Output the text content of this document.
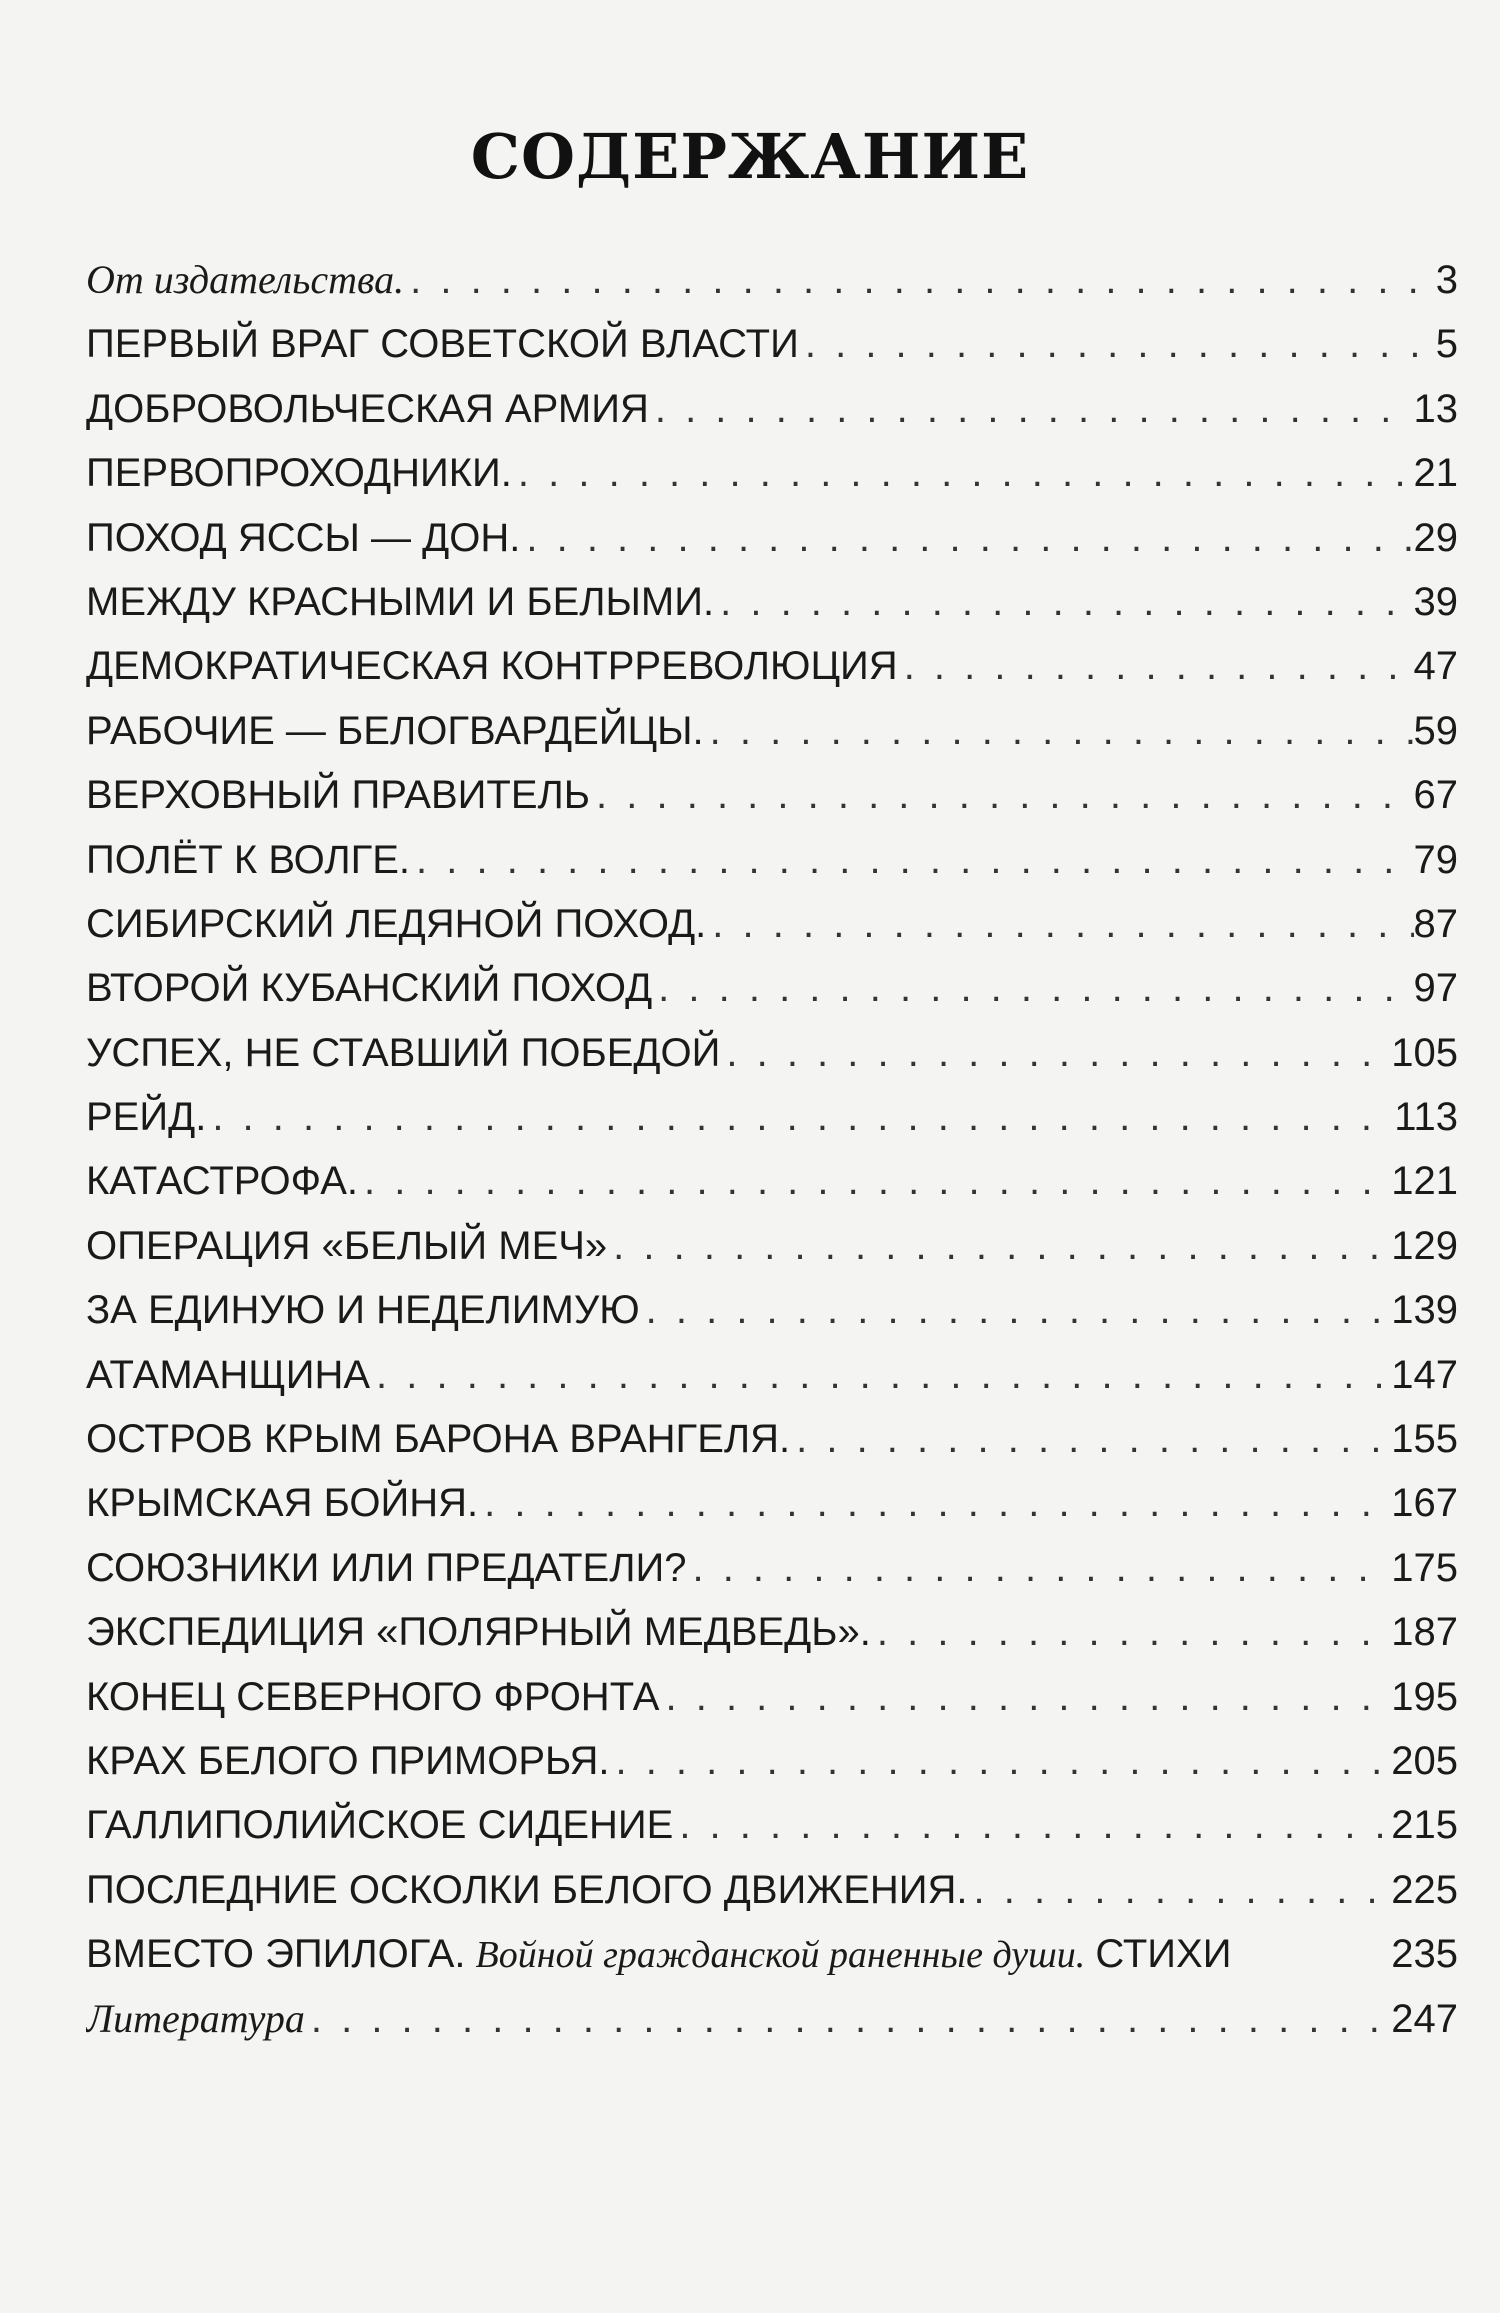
СОДЕРЖАНИЕ
От издательства. . . .	3
ПЕРВЫЙ ВРАГ СОВЕТСКОЙ ВЛАСТИ . . .	5
ДОБРОВОЛЬЧЕСКАЯ АРМИЯ . . .	13
ПЕРВОПРОХОДНИКИ. . . .	21
ПОХОД ЯССЫ — ДОН. . . .	29
МЕЖДУ КРАСНЫМИ И БЕЛЫМИ. . . .	39
ДЕМОКРАТИЧЕСКАЯ КОНТРРЕВОЛЮЦИЯ . . .	47
РАБОЧИЕ — БЕЛОГВАРДЕЙЦЫ. . . .	59
ВЕРХОВНЫЙ ПРАВИТЕЛЬ . . .	67
ПОЛЁТ К ВОЛГЕ. . . .	79
СИБИРСКИЙ ЛЕДЯНОЙ ПОХОД. . . .	87
ВТОРОЙ КУБАНСКИЙ ПОХОД . . .	97
УСПЕХ, НЕ СТАВШИЙ ПОБЕДОЙ . . .	105
РЕЙД. . . .	113
КАТАСТРОФА. . . .	121
ОПЕРАЦИЯ «БЕЛЫЙ МЕЧ» . . .	129
ЗА ЕДИНУЮ И НЕДЕЛИМУЮ . . .	139
АТАМАНЩИНА . . .	147
ОСТРОВ КРЫМ БАРОНА ВРАНГЕЛЯ. . . .	155
КРЫМСКАЯ БОЙНЯ. . . .	167
СОЮЗНИКИ ИЛИ ПРЕДАТЕЛИ? . . .	175
ЭКСПЕДИЦИЯ «ПОЛЯРНЫЙ МЕДВЕДЬ». . . .	187
КОНЕЦ СЕВЕРНОГО ФРОНТА . . .	195
КРАХ БЕЛОГО ПРИМОРЬЯ. . . .	205
ГАЛЛИПОЛИЙСКОЕ СИДЕНИЕ . . .	215
ПОСЛЕДНИЕ ОСКОЛКИ БЕЛОГО ДВИЖЕНИЯ. . . .	225
ВМЕСТО ЭПИЛОГА. Войной гражданской раненные души. СТИХИ	235
Литература . . .	247
